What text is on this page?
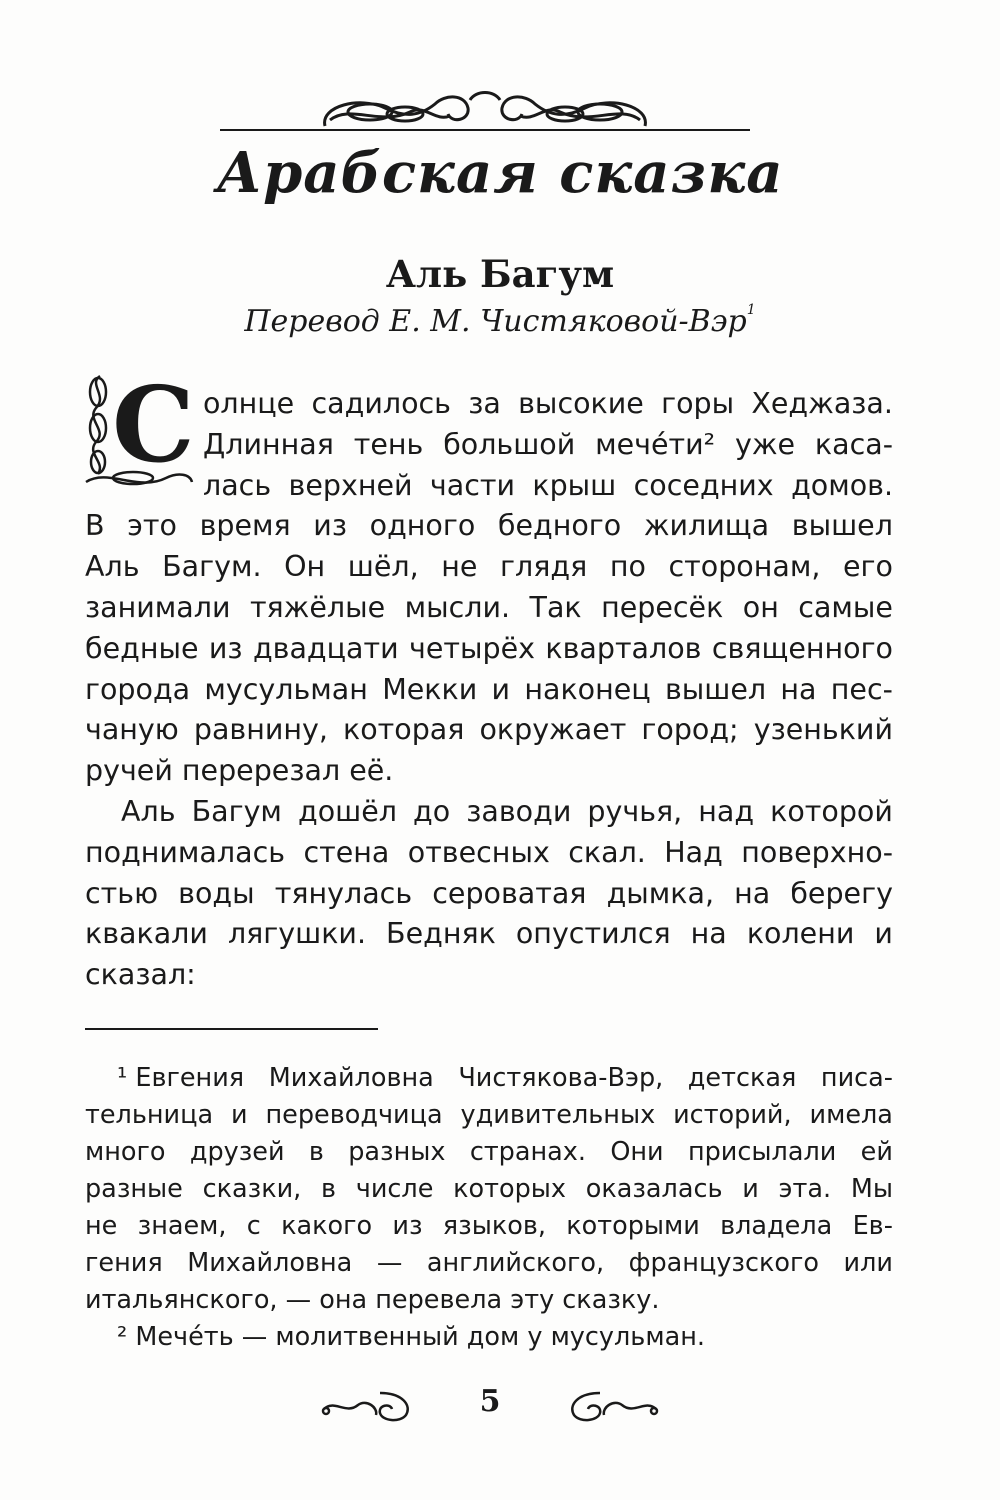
Арабская сказка
Аль Багум
Перевод Е. М. Чистяковой-Вэр$^1$
С олнце садилось за высокие горы Хеджаза.
Длинная тень большой мечéти² уже каса-
лась верхней части крыш соседних домов.
В это время из одного бедного жилища вышел
Аль Багум. Он шёл, не глядя по сторонам, его
занимали тяжёлые мысли. Так пересёк он самые
бедные из двадцати четырёх кварталов священного
города мусульман Мекки и наконец вышел на пес-
чаную равнину, которая окружает город; узенький
ручей перерезал её.
Аль Багум дошёл до заводи ручья, над которой
поднималась стена отвесных скал. Над поверхно-
стью воды тянулась сероватая дымка, на берегу
квакали лягушки. Бедняк опустился на колени и
сказал:
¹ Евгения Михайловна Чистякова-Вэр, детская писа-
тельница и переводчица удивительных историй, имела
много друзей в разных странах. Они присылали ей
разные сказки, в числе которых оказалась и эта. Мы
не знаем, с какого из языков, которыми владела Ев-
гения Михайловна — английского, французского или
итальянского, — она перевела эту сказку.
² Мечéть — молитвенный дом у мусульман.
5
